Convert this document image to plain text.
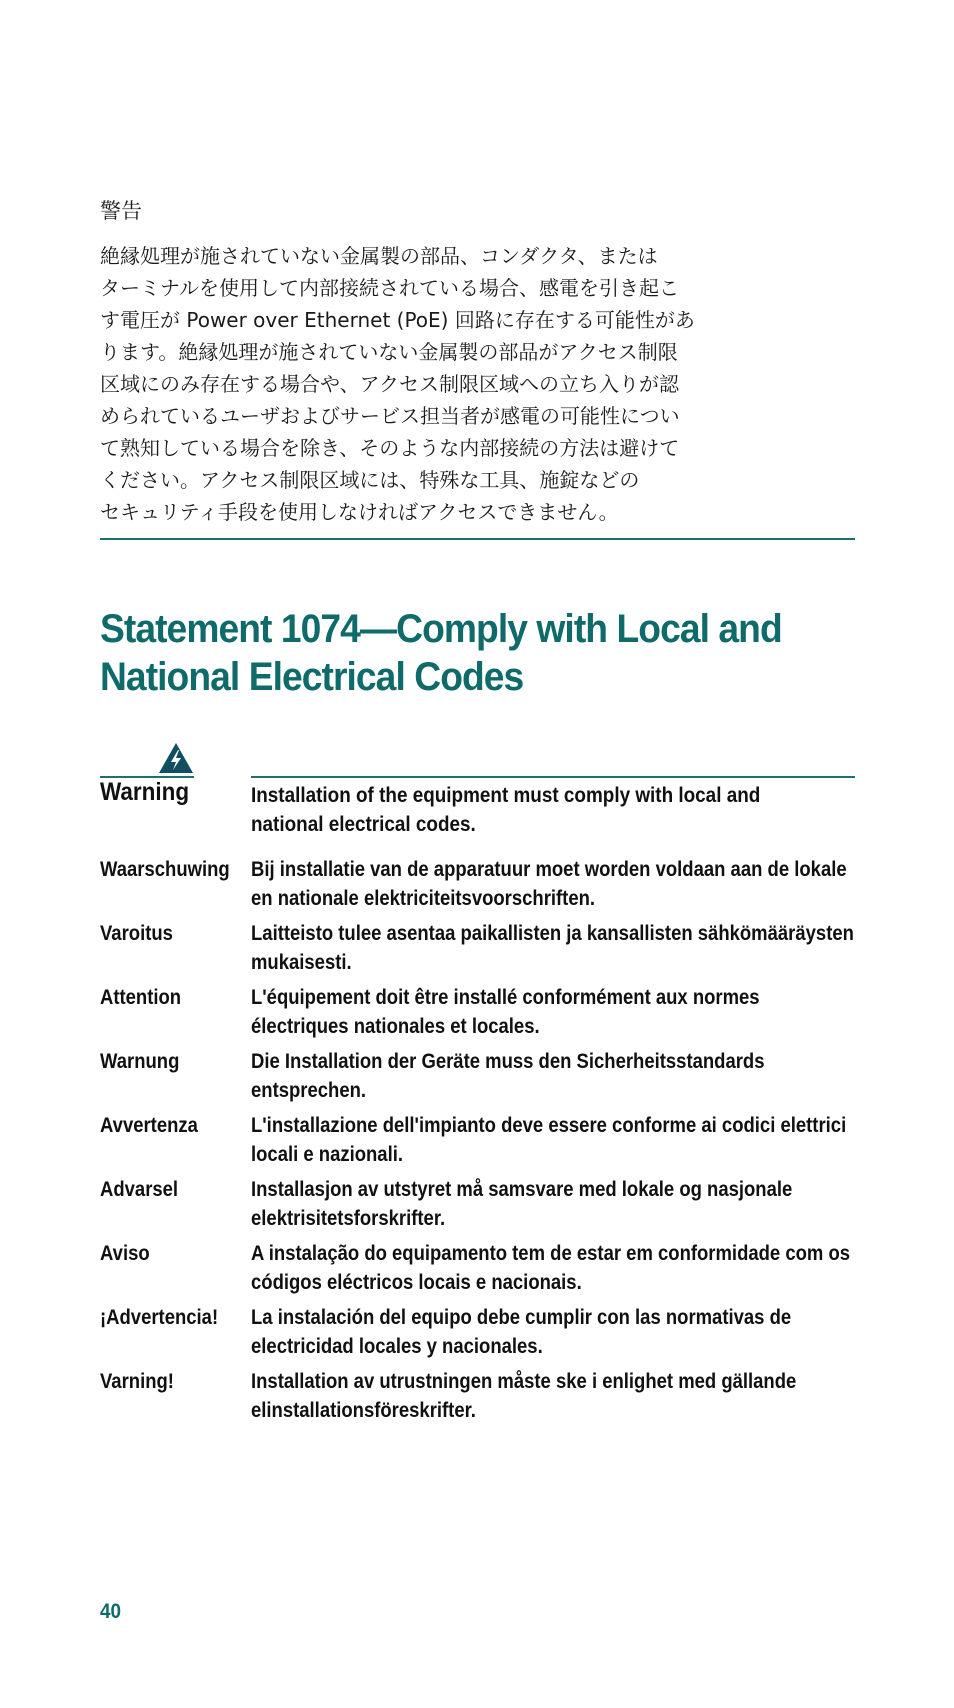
警告
絶縁処理が施されていない金属製の部品、コンダクタ、または
ターミナルを使用して内部接続されている場合、感電を引き起こ
す電圧が Power over Ethernet (PoE) 回路に存在する可能性があ
ります。絶縁処理が施されていない金属製の部品がアクセス制限
区域にのみ存在する場合や、アクセス制限区域への立ち入りが認
められているユーザおよびサービス担当者が感電の可能性につい
て熟知している場合を除き、そのような内部接続の方法は避けて
ください。アクセス制限区域には、特殊な工具、施錠などの
セキュリティ手段を使用しなければアクセスできません。
Statement 1074—Comply with Local and National Electrical Codes
Warning	Installation of the equipment must comply with local and national electrical codes.
Waarschuwing Bij installatie van de apparatuur moet worden voldaan aan de lokale en nationale elektriciteitsvoorschriften.
Varoitus	Laitteisto tulee asentaa paikallisten ja kansallisten sähkömääräysten mukaisesti.
Attention	L'équipement doit être installé conformément aux normes électriques nationales et locales.
Warnung	Die Installation der Geräte muss den Sicherheitsstandards entsprechen.
Avvertenza	L'installazione dell'impianto deve essere conforme ai codici elettrici locali e nazionali.
Advarsel	Installasjon av utstyret må samsvare med lokale og nasjonale elektrisitetsforskrifter.
Aviso	A instalação do equipamento tem de estar em conformidade com os códigos eléctricos locais e nacionais.
¡Advertencia! La instalación del equipo debe cumplir con las normativas de electricidad locales y nacionales.
Varning!	Installation av utrustningen måste ske i enlighet med gällande elinstallationsföreskrifter.
40
